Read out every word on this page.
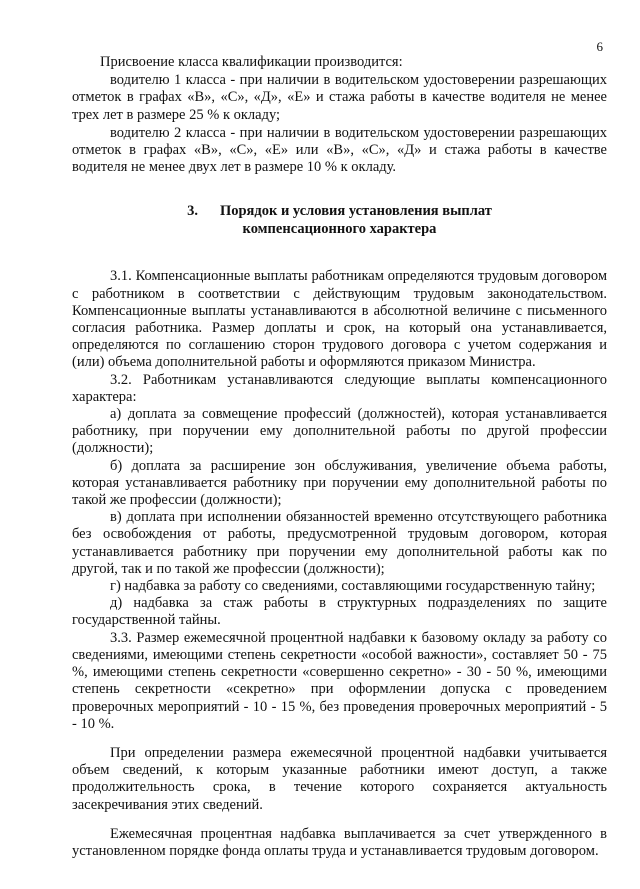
6

Присвоение класса квалификации производится:

водителю 1 класса - при наличии в водительском удостоверении разрешающих отметок в графах «В», «С», «Д», «Е» и стажа работы в качестве водителя не менее трех лет в размере 25 % к окладу;

водителю 2 класса - при наличии в водительском удостоверении разрешающих отметок в графах «В», «С», «Е» или «В», «С», «Д» и стажа работы в качестве водителя не менее двух лет в размере 10 % к окладу.

3. Порядок и условия установления выплат
компенсационного характера

3.1. Компенсационные выплаты работникам определяются трудовым договором с работником в соответствии с действующим трудовым законодательством. Компенсационные выплаты устанавливаются в абсолютной величине с письменного согласия работника. Размер доплаты и срок, на который она устанавливается, определяются по соглашению сторон трудового договора с учетом содержания и (или) объема дополнительной работы и оформляются приказом Министра.

3.2. Работникам устанавливаются следующие выплаты компенсационного характера:

а) доплата за совмещение профессий (должностей), которая устанавливается работнику, при поручении ему дополнительной работы по другой профессии (должности);

б) доплата за расширение зон обслуживания, увеличение объема работы, которая устанавливается работнику при поручении ему дополнительной работы по такой же профессии (должности);

в) доплата при исполнении обязанностей временно отсутствующего работника без освобождения от работы, предусмотренной трудовым договором, которая устанавливается работнику при поручении ему дополнительной работы как по другой, так и по такой же профессии (должности);

г) надбавка за работу со сведениями, составляющими государственную тайну;

д) надбавка за стаж работы в структурных подразделениях по защите государственной тайны.

3.3. Размер ежемесячной процентной надбавки к базовому окладу за работу со сведениями, имеющими степень секретности «особой важности», составляет 50 - 75 %, имеющими степень секретности «совершенно секретно» - 30 - 50 %, имеющими степень секретности «секретно» при оформлении допуска с проведением проверочных мероприятий - 10 - 15 %, без проведения проверочных мероприятий - 5 - 10 %.

При определении размера ежемесячной процентной надбавки учитывается объем сведений, к которым указанные работники имеют доступ, а также продолжительность срока, в течение которого сохраняется актуальность засекречивания этих сведений.

Ежемесячная процентная надбавка выплачивается за счет утвержденного в установленном порядке фонда оплаты труда и устанавливается трудовым договором.
